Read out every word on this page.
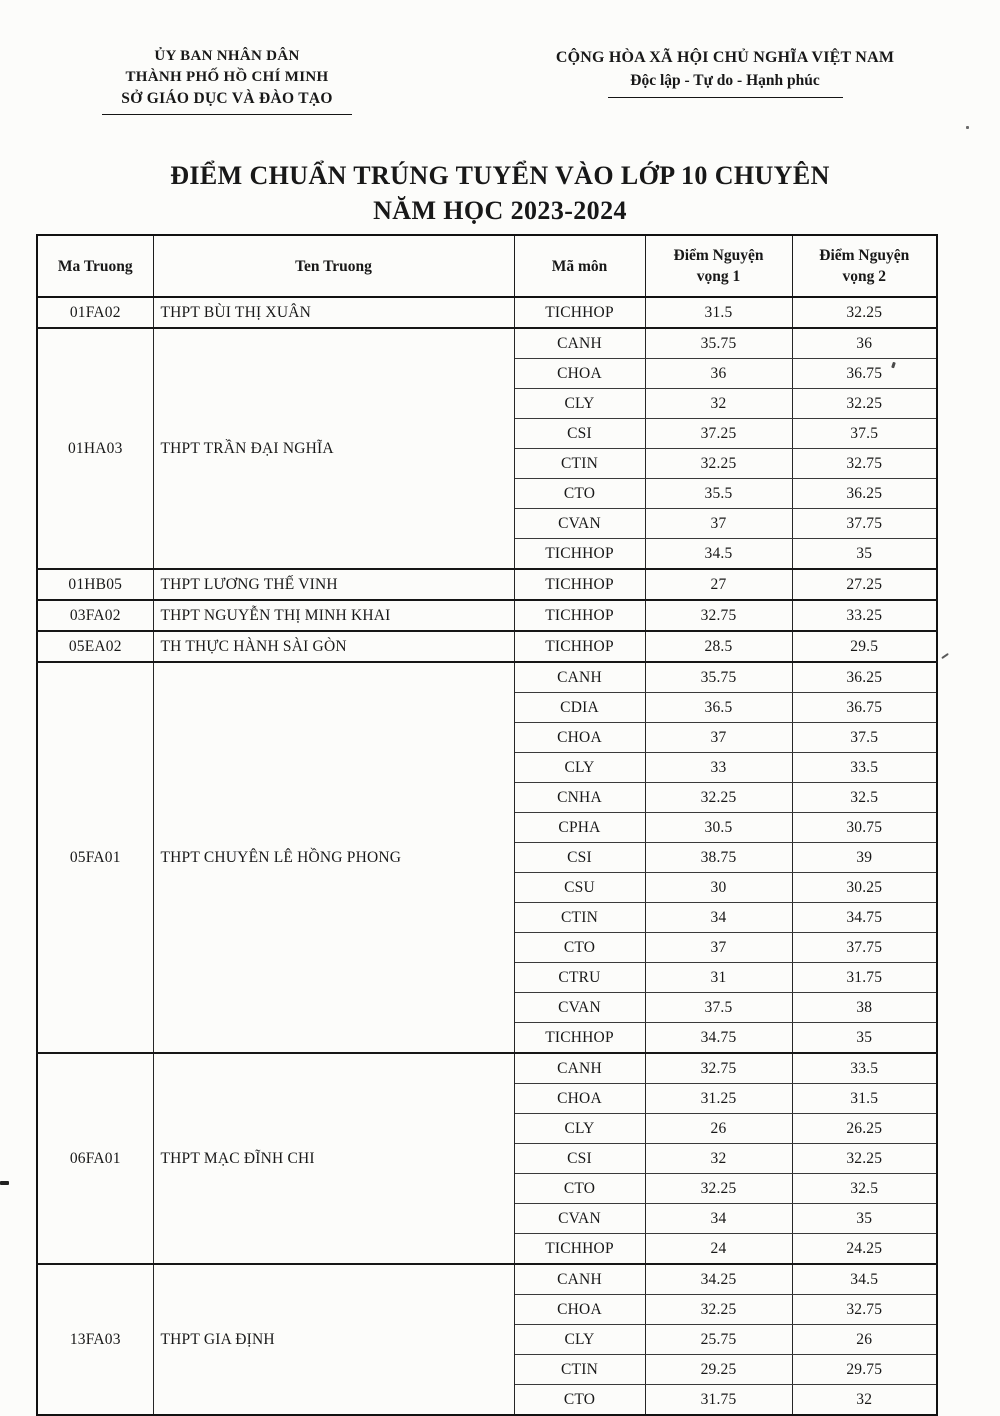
ỦY BAN NHÂN DÂN
THÀNH PHỐ HỒ CHÍ MINH
SỞ GIÁO DỤC VÀ ĐÀO TẠO
CỘNG HÒA XÃ HỘI CHỦ NGHĨA VIỆT NAM
Độc lập - Tự do - Hạnh phúc
ĐIỂM CHUẨN TRÚNG TUYỂN VÀO LỚP 10 CHUYÊN
NĂM HỌC 2023-2024
Ma Truong	Ten Truong	Mã môn	Điểm Nguyện vọng 1	Điểm Nguyện vọng 2
01FA02	THPT BÙI THỊ XUÂN	TICHHOP	31.5	32.25
01HA03	THPT TRẦN ĐẠI NGHĨA	CANH	35.75	36
		CHOA	36	36.75
		CLY	32	32.25
		CSI	37.25	37.5
		CTIN	32.25	32.75
		CTO	35.5	36.25
		CVAN	37	37.75
		TICHHOP	34.5	35
01HB05	THPT LƯƠNG THẾ VINH	TICHHOP	27	27.25
03FA02	THPT NGUYỄN THỊ MINH KHAI	TICHHOP	32.75	33.25
05EA02	TH THỰC HÀNH SÀI GÒN	TICHHOP	28.5	29.5
05FA01	THPT CHUYÊN LÊ HỒNG PHONG	CANH	35.75	36.25
		CDIA	36.5	36.75
		CHOA	37	37.5
		CLY	33	33.5
		CNHA	32.25	32.5
		CPHA	30.5	30.75
		CSI	38.75	39
		CSU	30	30.25
		CTIN	34	34.75
		CTO	37	37.75
		CTRU	31	31.75
		CVAN	37.5	38
		TICHHOP	34.75	35
06FA01	THPT MẠC ĐĨNH CHI	CANH	32.75	33.5
		CHOA	31.25	31.5
		CLY	26	26.25
		CSI	32	32.25
		CTO	32.25	32.5
		CVAN	34	35
		TICHHOP	24	24.25
13FA03	THPT GIA ĐỊNH	CANH	34.25	34.5
		CHOA	32.25	32.75
		CLY	25.75	26
		CTIN	29.25	29.75
		CTO	31.75	32
